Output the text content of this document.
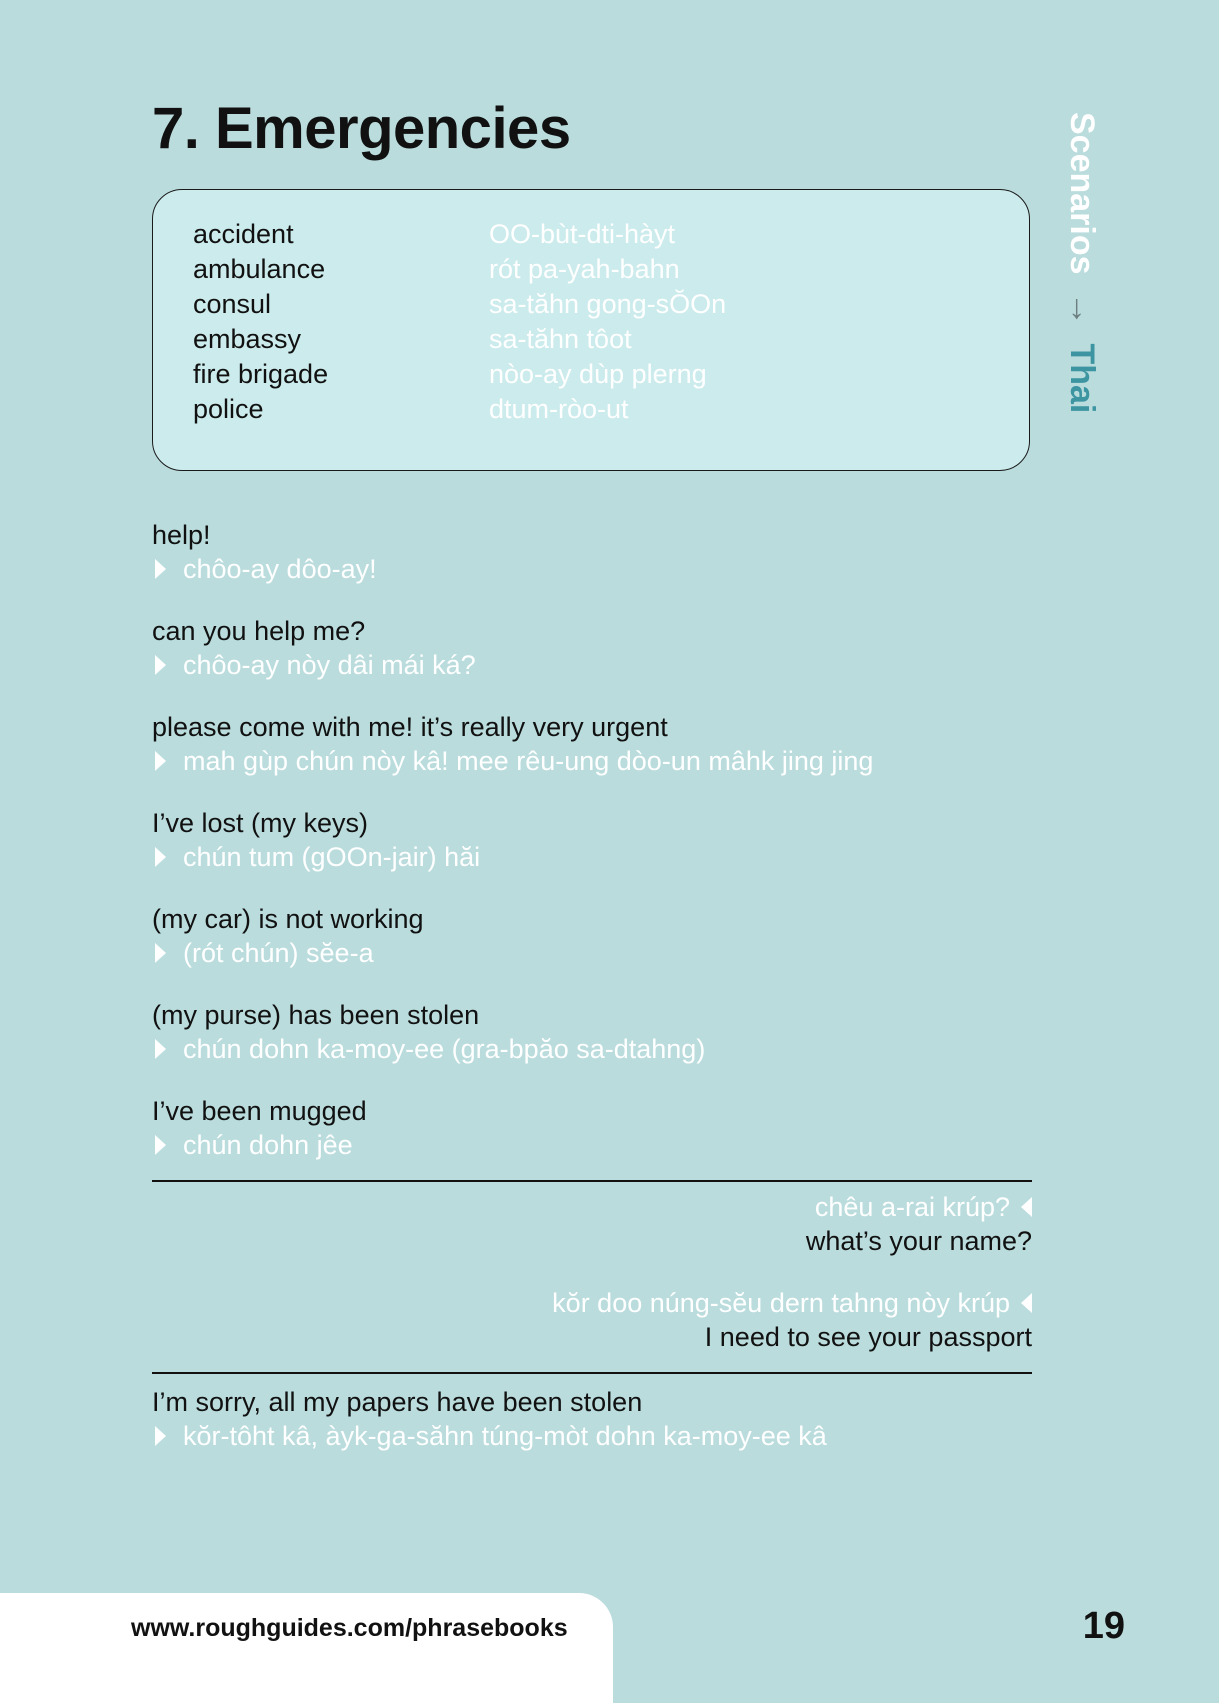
7. Emergencies	Scenarios → Thai
accident	OO-bùt-dti-hàyt
ambulance	rót pa-yah-bahn
consul	sa-tăhn gong-sŎOn
embassy	sa-tăhn tôot
fire brigade	nòo-ay dùp plerng
police	dtum-ròo-ut
help!
chôo-ay dôo-ay!
can you help me?
chôo-ay nòy dâi mái ká?
please come with me! it’s really very urgent
mah gùp chún nòy kâ! mee rêu-ung dòo-un mâhk jing jing
I’ve lost (my keys)
chún tum (gOOn-jair) hăi
(my car) is not working
(rót chún) sĕe-a
(my purse) has been stolen
chún dohn ka-moy-ee (gra-bpăo sa-dtahng)
I’ve been mugged
chún dohn jêe
chêu a-rai krúp?
what’s your name?
kŏr doo núng-sĕu dern tahng nòy krúp
I need to see your passport
I’m sorry, all my papers have been stolen
kŏr-tôht kâ, àyk-ga-săhn túng-mòt dohn ka-moy-ee kâ
www.roughguides.com/phrasebooks	19
